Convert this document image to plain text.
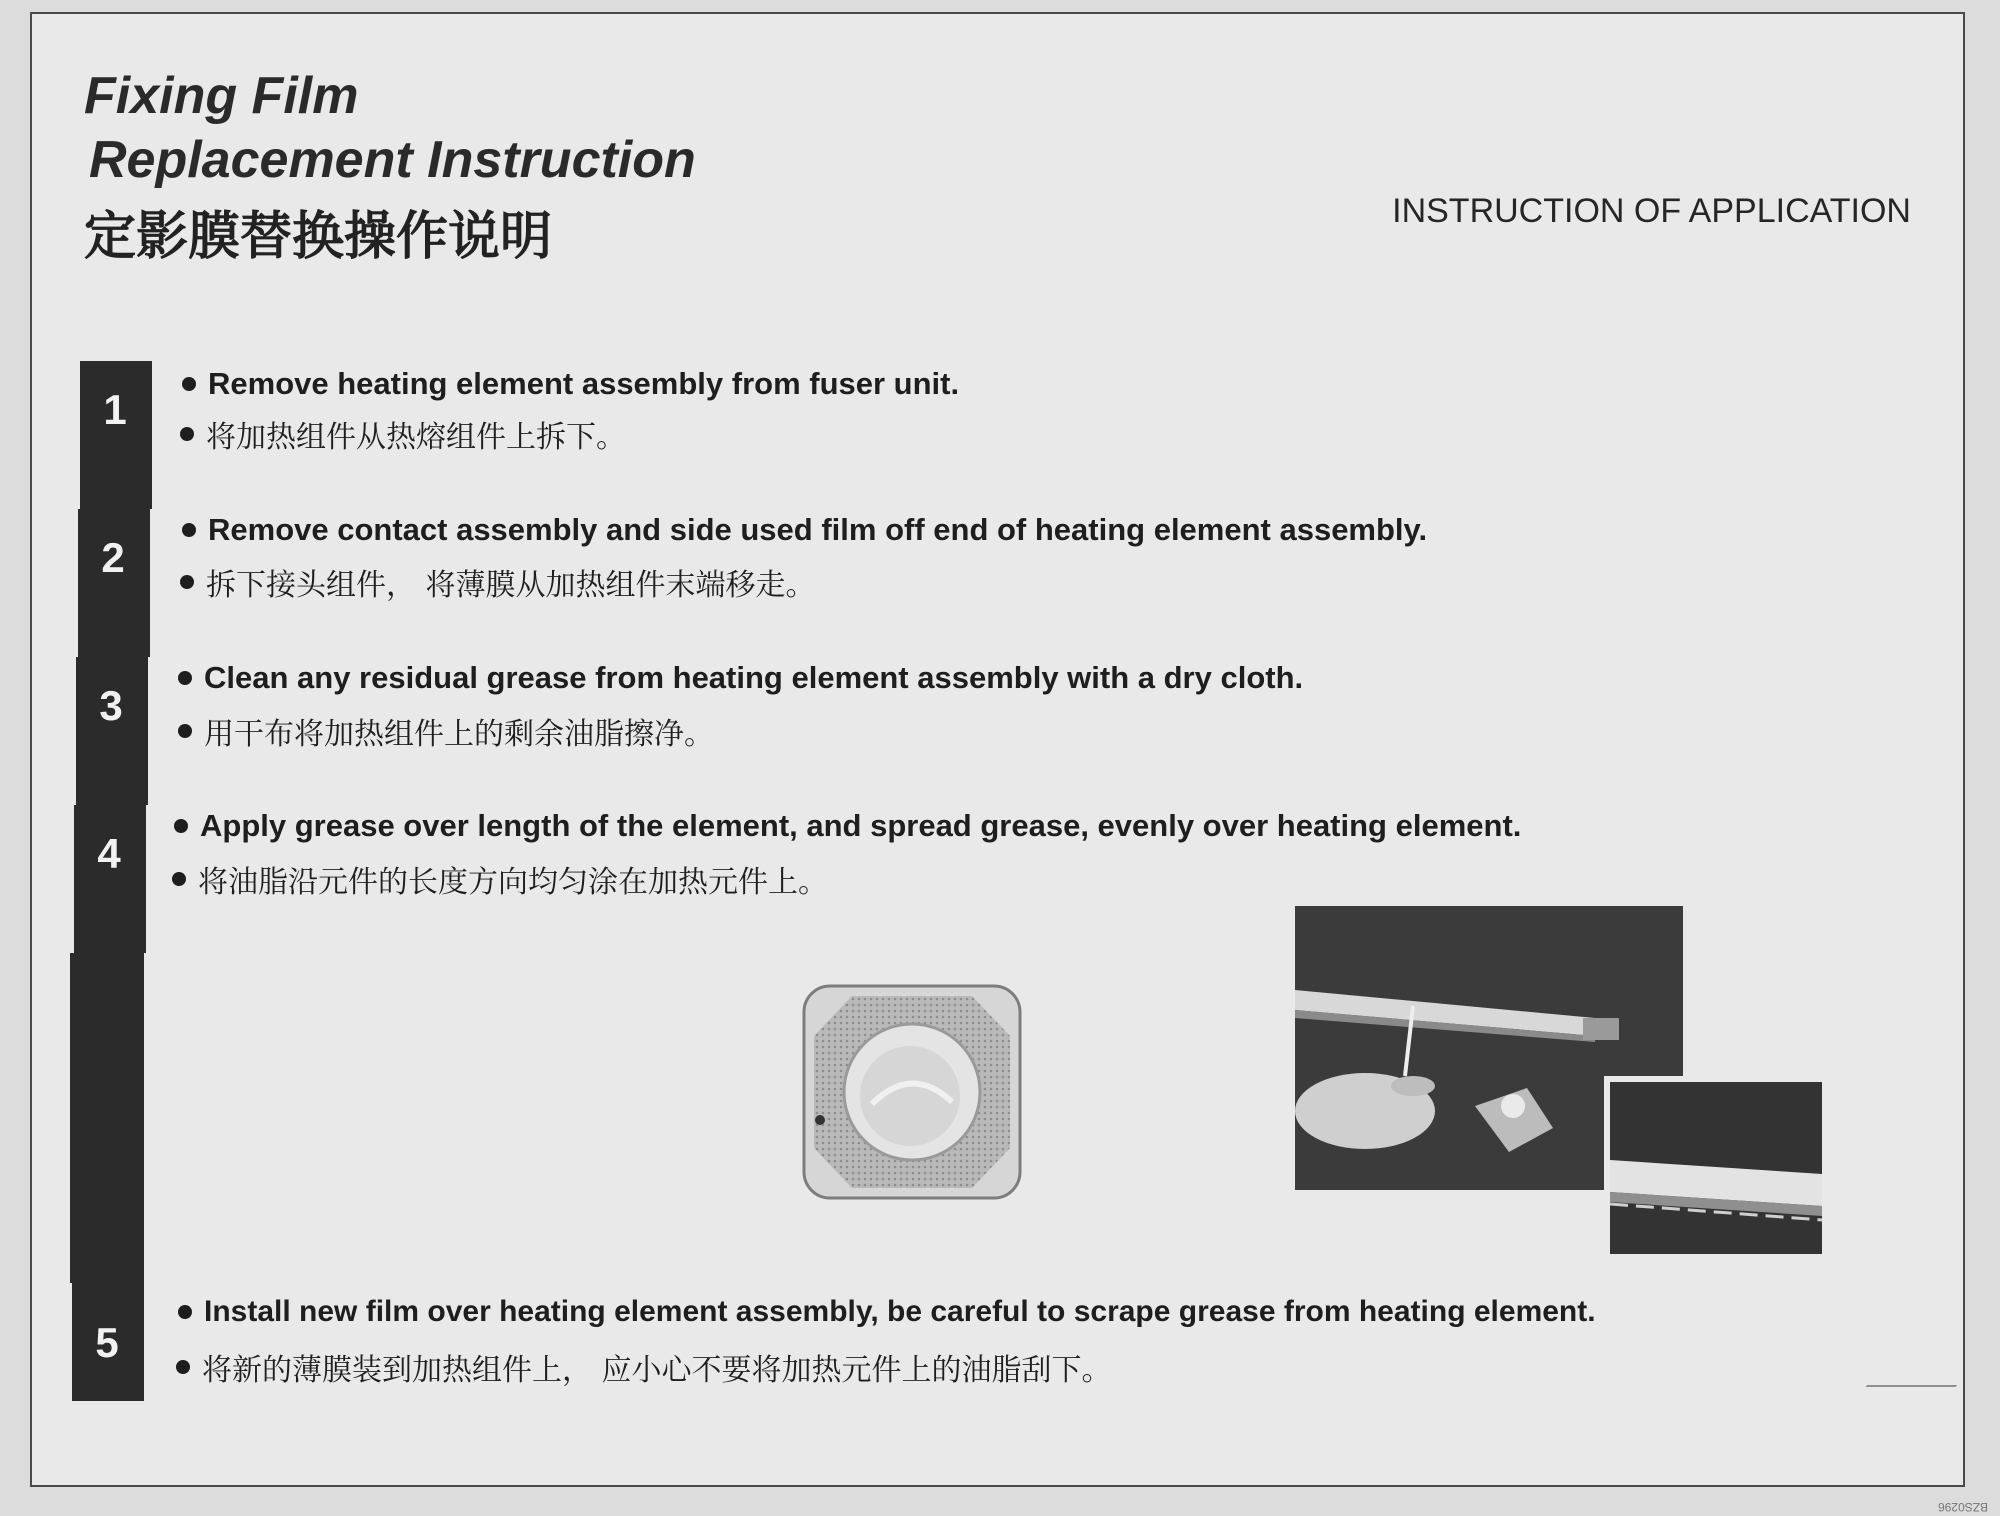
Fixing Film
Replacement Instruction
定影膜替换操作说明	INSTRUCTION OF APPLICATION
1
2
3
4
5
Remove heating element assembly from fuser unit.
将加热组件从热熔组件上拆下。
Remove contact assembly and side used film off end of heating element assembly.
拆下接头组件， 将薄膜从加热组件末端移走。
Clean any residual grease from heating element assembly with a dry cloth.
用干布将加热组件上的剩余油脂擦净。
Apply grease over length of the element, and spread grease, evenly over heating element.
将油脂沿元件的长度方向均匀涂在加热元件上。
Install new film over heating element assembly, be careful to scrape grease from heating element.
将新的薄膜装到加热组件上， 应小心不要将加热元件上的油脂刮下。
BZS0296
